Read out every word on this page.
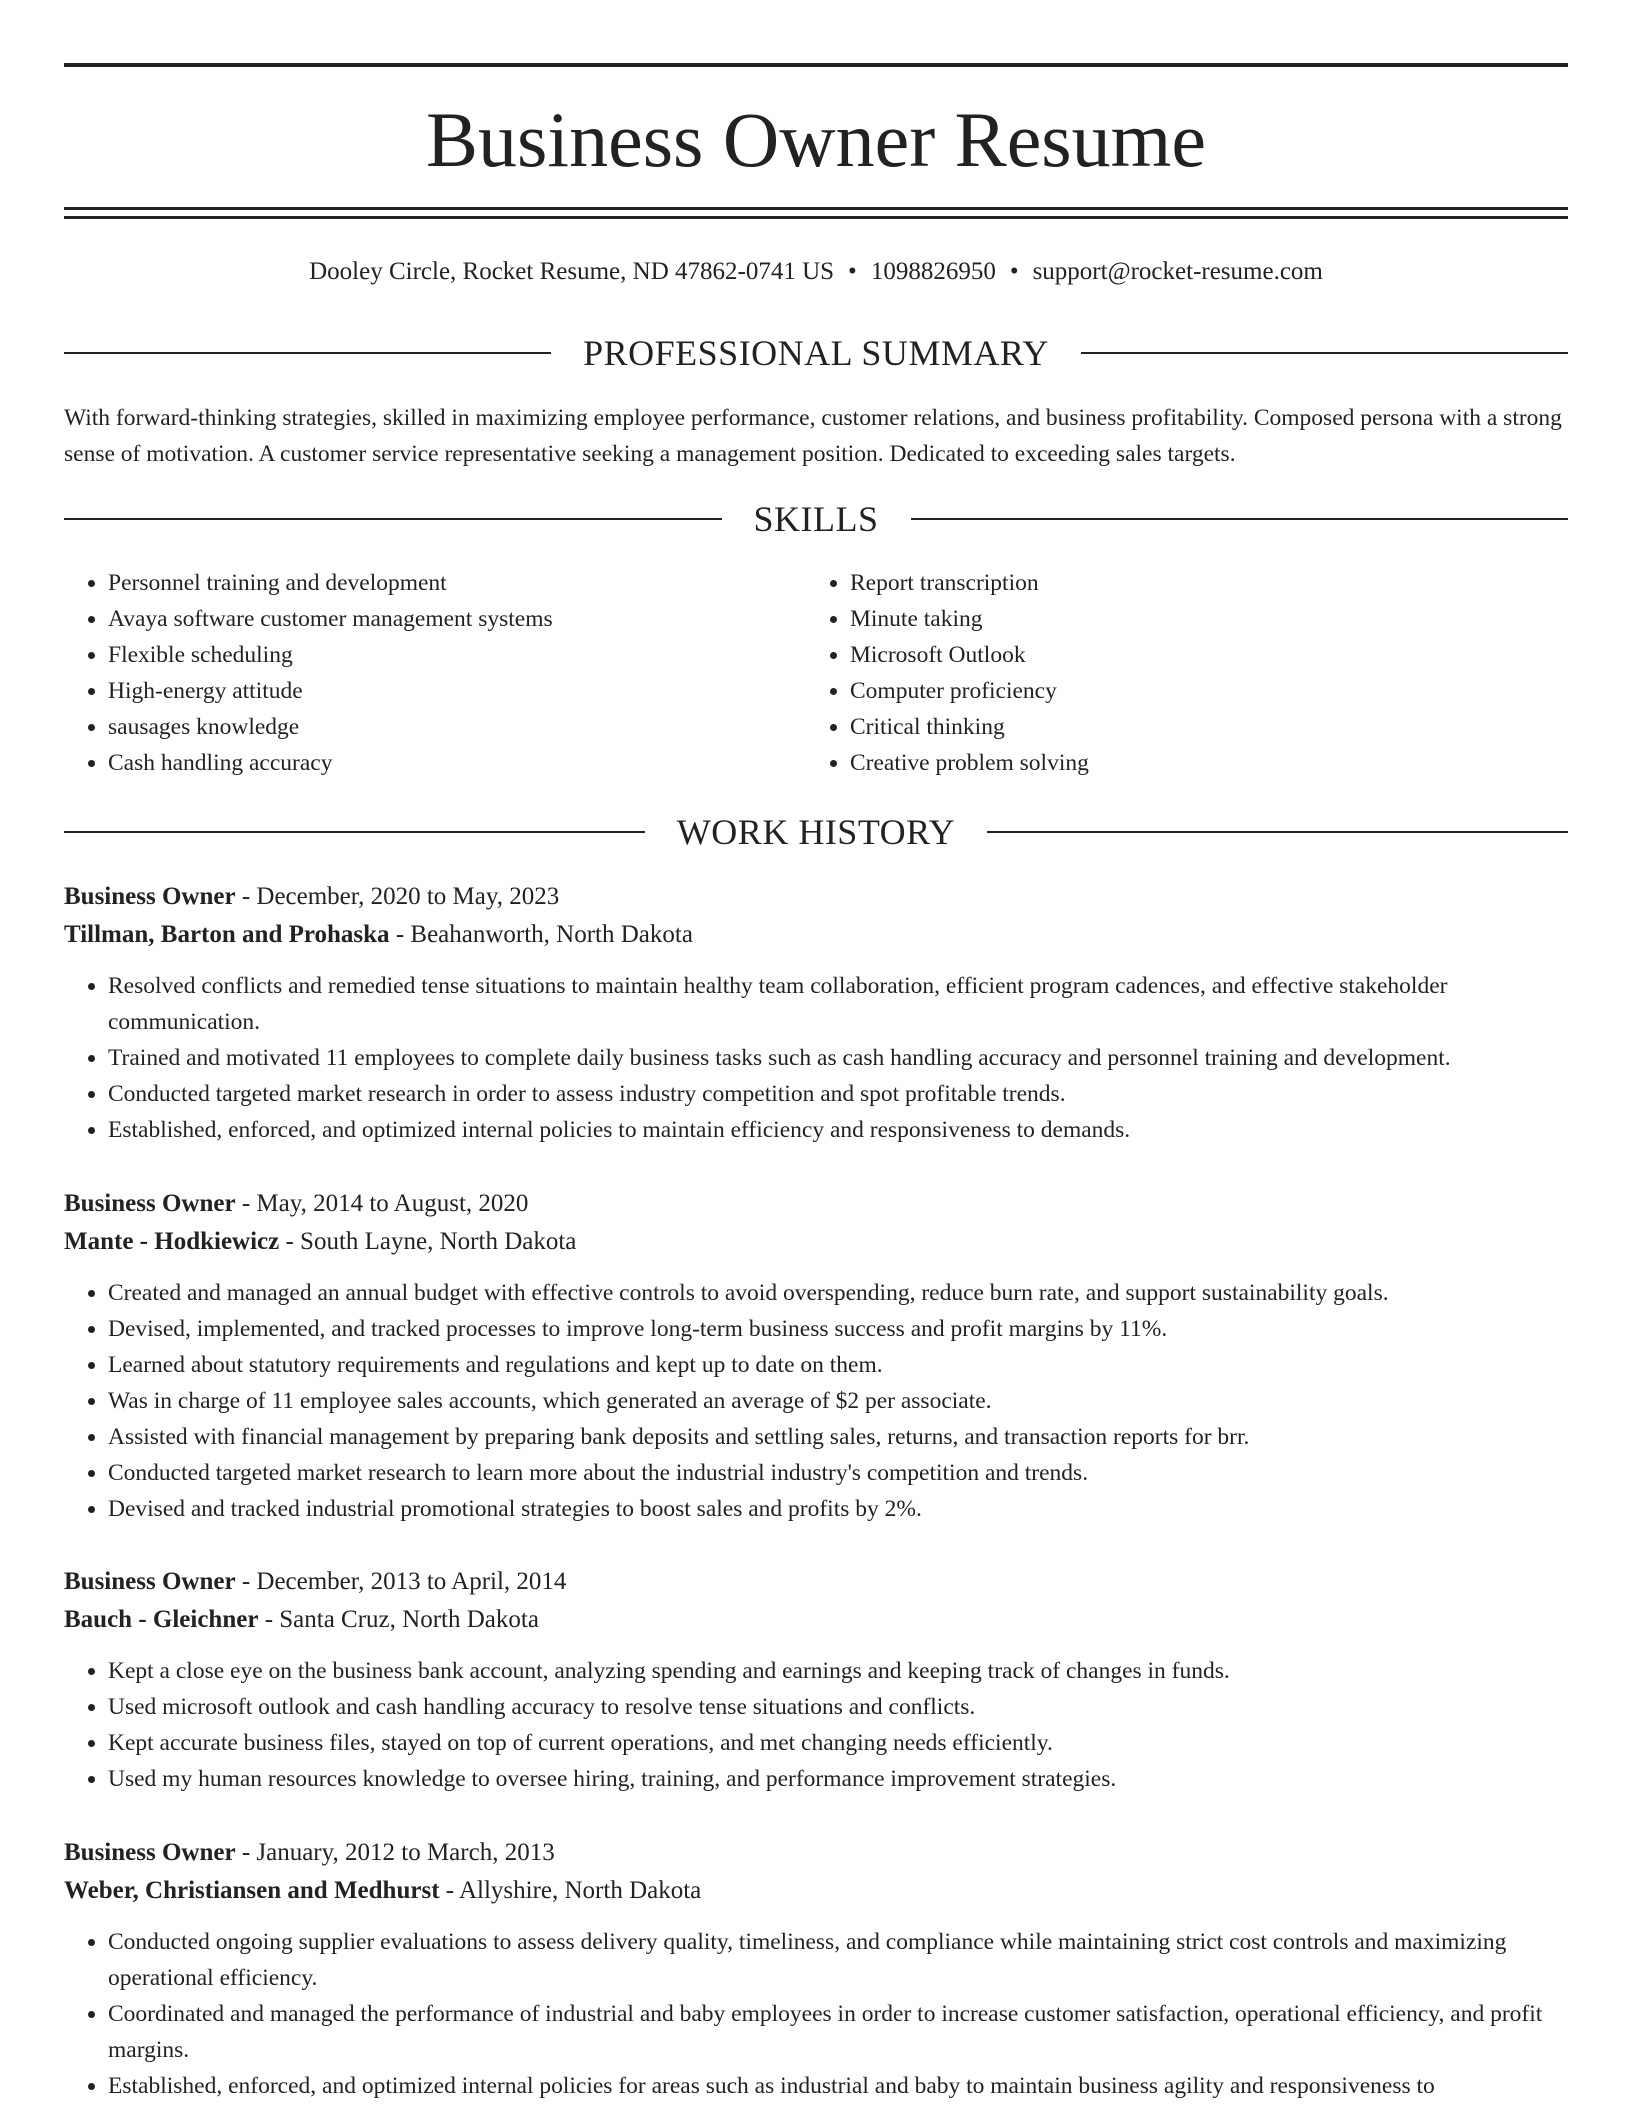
Business Owner Resume
Dooley Circle, Rocket Resume, ND 47862-0741 US • 1098826950 • support@rocket-resume.com
PROFESSIONAL SUMMARY
With forward-thinking strategies, skilled in maximizing employee performance, customer relations, and business profitability. Composed persona with a strong sense of motivation. A customer service representative seeking a management position. Dedicated to exceeding sales targets.
SKILLS
• Personnel training and development
• Avaya software customer management systems
• Flexible scheduling
• High-energy attitude
• sausages knowledge
• Cash handling accuracy
• Report transcription
• Minute taking
• Microsoft Outlook
• Computer proficiency
• Critical thinking
• Creative problem solving
WORK HISTORY
Business Owner - December, 2020 to May, 2023
Tillman, Barton and Prohaska - Beahanworth, North Dakota
• Resolved conflicts and remedied tense situations to maintain healthy team collaboration, efficient program cadences, and effective stakeholder communication.
• Trained and motivated 11 employees to complete daily business tasks such as cash handling accuracy and personnel training and development.
• Conducted targeted market research in order to assess industry competition and spot profitable trends.
• Established, enforced, and optimized internal policies to maintain efficiency and responsiveness to demands.
Business Owner - May, 2014 to August, 2020
Mante - Hodkiewicz - South Layne, North Dakota
• Created and managed an annual budget with effective controls to avoid overspending, reduce burn rate, and support sustainability goals.
• Devised, implemented, and tracked processes to improve long-term business success and profit margins by 11%.
• Learned about statutory requirements and regulations and kept up to date on them.
• Was in charge of 11 employee sales accounts, which generated an average of $2 per associate.
• Assisted with financial management by preparing bank deposits and settling sales, returns, and transaction reports for brr.
• Conducted targeted market research to learn more about the industrial industry's competition and trends.
• Devised and tracked industrial promotional strategies to boost sales and profits by 2%.
Business Owner - December, 2013 to April, 2014
Bauch - Gleichner - Santa Cruz, North Dakota
• Kept a close eye on the business bank account, analyzing spending and earnings and keeping track of changes in funds.
• Used microsoft outlook and cash handling accuracy to resolve tense situations and conflicts.
• Kept accurate business files, stayed on top of current operations, and met changing needs efficiently.
• Used my human resources knowledge to oversee hiring, training, and performance improvement strategies.
Business Owner - January, 2012 to March, 2013
Weber, Christiansen and Medhurst - Allyshire, North Dakota
• Conducted ongoing supplier evaluations to assess delivery quality, timeliness, and compliance while maintaining strict cost controls and maximizing operational efficiency.
• Coordinated and managed the performance of industrial and baby employees in order to increase customer satisfaction, operational efficiency, and profit margins.
• Established, enforced, and optimized internal policies for areas such as industrial and baby to maintain business agility and responsiveness to
